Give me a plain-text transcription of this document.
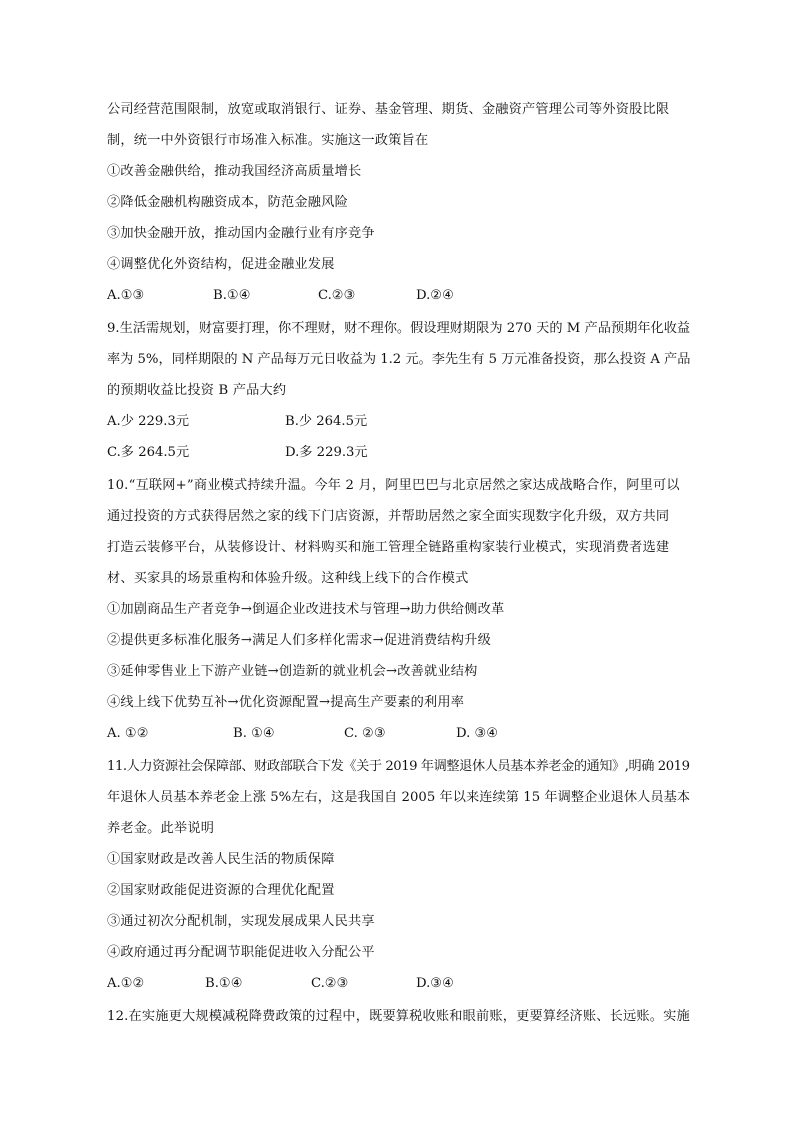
公司经营范围限制，放宽或取消银行、证券、基金管理、期货、金融资产管理公司等外资股比限
制，统一中外资银行市场准入标准。实施这一政策旨在
①改善金融供给，推动我国经济高质量增长
②降低金融机构融资成本，防范金融风险
③加快金融开放，推动国内金融行业有序竞争
④调整优化外资结构，促进金融业发展
A.①③	B.①④	C.②③	D.②④
9.生活需规划，财富要打理，你不理财，财不理你。假设理财期限为 270 天的 M 产品预期年化收益
率为 5%，同样期限的 N 产品每万元日收益为 1.2 元。李先生有 5 万元准备投资，那么投资 A 产品
的预期收益比投资 B 产品大约
A.少 229.3元	B.少 264.5元
C.多 264.5元	D.多 229.3元
10.“互联网+”商业模式持续升温。今年 2 月，阿里巴巴与北京居然之家达成战略合作，阿里可以
通过投资的方式获得居然之家的线下门店资源，并帮助居然之家全面实现数字化升级，双方共同
打造云装修平台，从装修设计、材料购买和施工管理全链路重构家装行业模式，实现消费者选建
材、买家具的场景重构和体验升级。这种线上线下的合作模式
①加剧商品生产者竞争→倒逼企业改进技术与管理→助力供给侧改革
②提供更多标准化服务→满足人们多样化需求→促进消费结构升级
③延伸零售业上下游产业链→创造新的就业机会→改善就业结构
④线上线下优势互补→优化资源配置→提高生产要素的利用率
A. ①②	B. ①④	C. ②③	D. ③④
11.人力资源社会保障部、财政部联合下发《关于 2019 年调整退休人员基本养老金的通知》,明确 2019
年退休人员基本养老金上涨 5%左右，这是我国自 2005 年以来连续第 15 年调整企业退休人员基本
养老金。此举说明
①国家财政是改善人民生活的物质保障
②国家财政能促进资源的合理优化配置
③通过初次分配机制，实现发展成果人民共享
④政府通过再分配调节职能促进收入分配公平
A.①②	B.①④	C.②③	D.③④
12.在实施更大规模减税降费政策的过程中，既要算税收账和眼前账，更要算经济账、长远账。实施
